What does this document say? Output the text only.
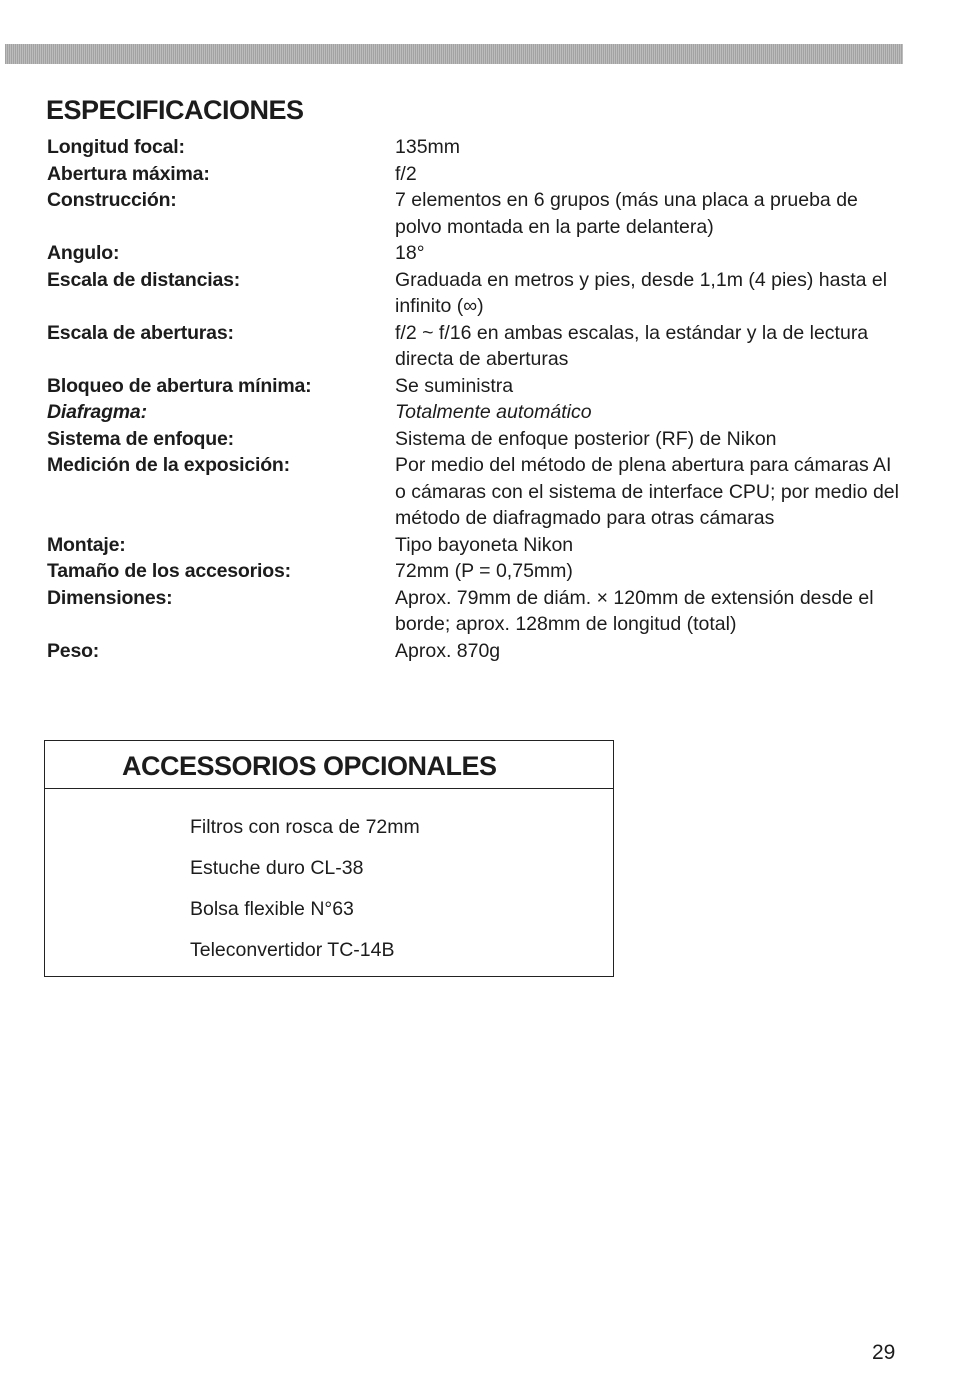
ESPECIFICACIONES
Longitud focal:	135mm
Abertura máxima:	f/2
Construcción:	7 elementos en 6 grupos (más una placa a prueba de polvo montada en la parte delantera)
Angulo:	18°
Escala de distancias:	Graduada en metros y pies, desde 1,1m (4 pies) hasta el infinito (∞)
Escala de aberturas:	f/2 ~ f/16 en ambas escalas, la estándar y la de lectura directa de aberturas
Bloqueo de abertura mínima:	Se suministra
Diafragma:	Totalmente automático
Sistema de enfoque:	Sistema de enfoque posterior (RF) de Nikon
Medición de la exposición:	Por medio del método de plena abertura para cámaras AI o cámaras con el sistema de interface CPU; por medio del método de diafragmado para otras cámaras
Montaje:	Tipo bayoneta Nikon
Tamaño de los accesorios:	72mm (P = 0,75mm)
Dimensiones:	Aprox. 79mm de diám. × 120mm de extensión desde el borde; aprox. 128mm de longitud (total)
Peso:	Aprox. 870g
ACCESSORIOS OPCIONALES
Filtros con rosca de 72mm
Estuche duro CL-38
Bolsa flexible N°63
Teleconvertidor TC-14B
29
